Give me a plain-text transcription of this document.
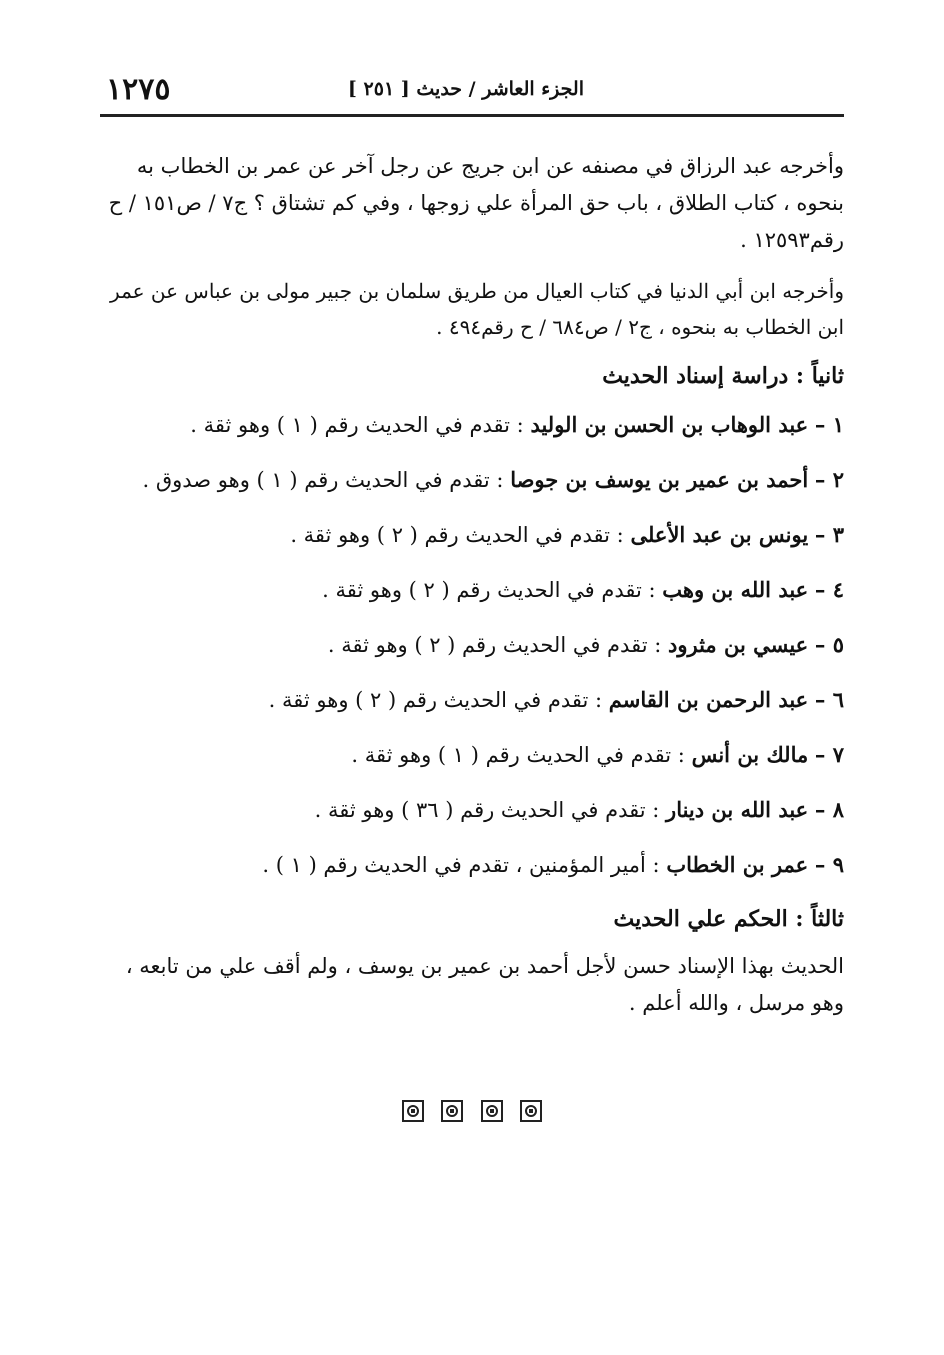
١٢٧٥	الجزء العاشر / حديث [ ٢٥١ ]

وأخرجه عبد الرزاق في مصنفه عن ابن جريج عن رجل آخر عن عمر بن الخطاب به بنحوه ، كتاب الطلاق ، باب حق المرأة علي زوجها ، وفي كم تشتاق ؟ ج٧ / ص١٥١ / ح رقم١٢٥٩٣ .

وأخرجه ابن أبي الدنيا في كتاب العيال من طريق سلمان بن جبير مولى بن عباس عن عمر ابن الخطاب به بنحوه ، ج٢ / ص٦٨٤ / ح رقم٤٩٤ .

ثانياً : دراسة إسناد الحديث
١ – عبد الوهاب بن الحسن بن الوليد : تقدم في الحديث رقم ( ١ ) وهو ثقة .
٢ – أحمد بن عمير بن يوسف بن جوصا : تقدم في الحديث رقم ( ١ ) وهو صدوق .
٣ – يونس بن عبد الأعلى : تقدم في الحديث رقم ( ٢ ) وهو ثقة .
٤ – عبد الله بن وهب : تقدم في الحديث رقم ( ٢ ) وهو ثقة .
٥ – عيسي بن مثرود : تقدم في الحديث رقم ( ٢ ) وهو ثقة .
٦ – عبد الرحمن بن القاسم : تقدم في الحديث رقم ( ٢ ) وهو ثقة .
٧ – مالك بن أنس : تقدم في الحديث رقم ( ١ ) وهو ثقة .
٨ – عبد الله بن دينار : تقدم في الحديث رقم ( ٣٦ ) وهو ثقة .
٩ – عمر بن الخطاب : أمير المؤمنين ، تقدم في الحديث رقم ( ١ ) .
ثالثاً : الحكم علي الحديث

الحديث بهذا الإسناد حسن لأجل أحمد بن عمير بن يوسف ، ولم أقف علي من تابعه ، وهو مرسل ، والله أعلم .
